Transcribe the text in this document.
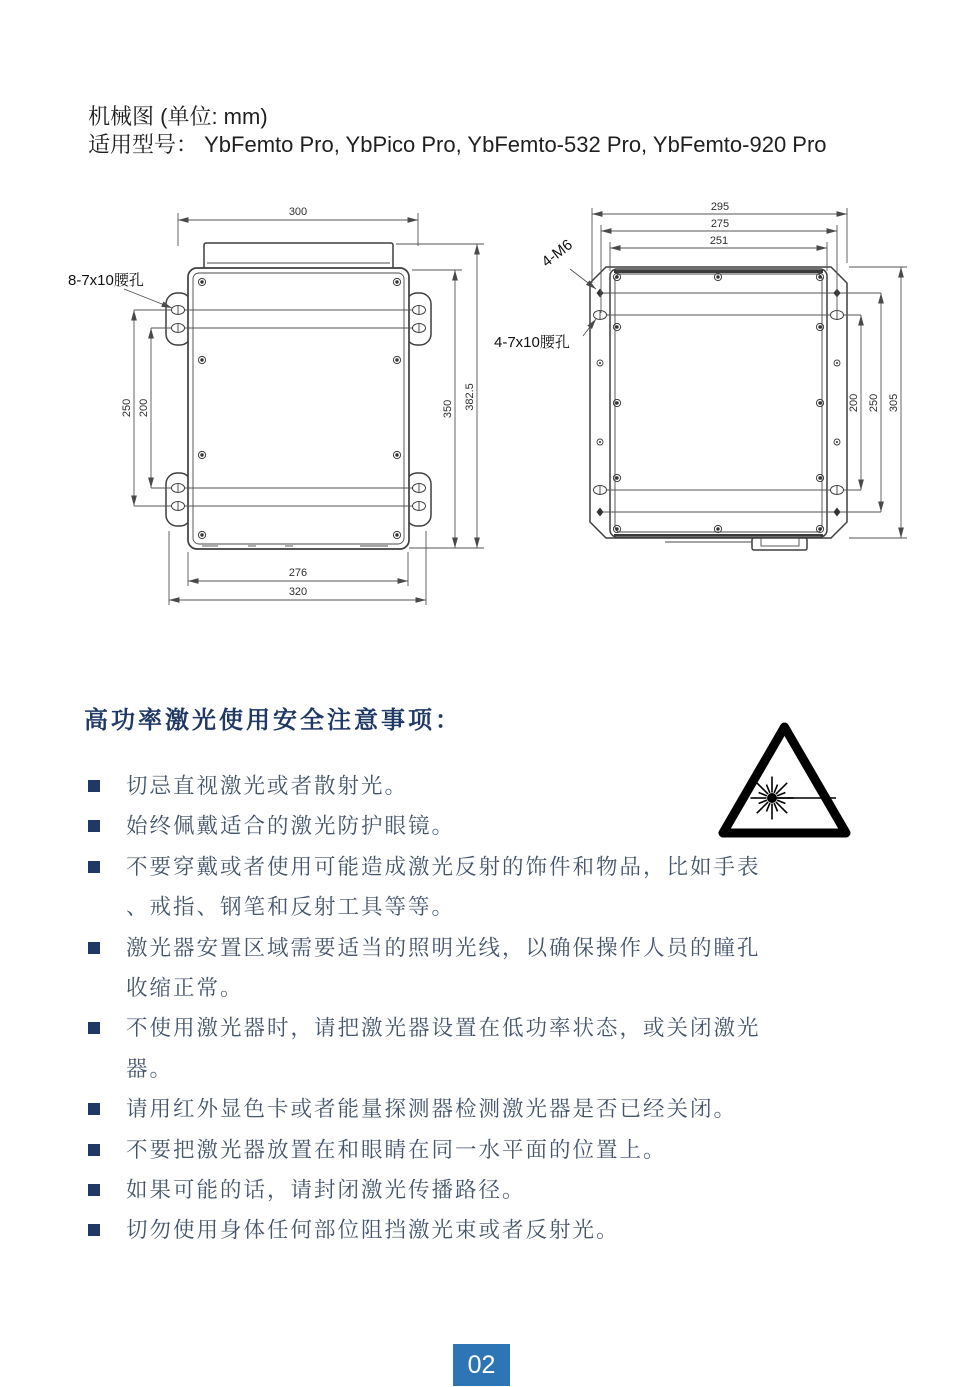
机械图 (单位: mm)
适用型号： YbFemto Pro, YbPico Pro, YbFemto-532 Pro, YbFemto-920 Pro
300
250 200	350 382.5
276
320
8-7x10腰孔
295
275
251
200 250 305
4-M6
4-7x10腰孔
高功率激光使用安全注意事项：
切忌直视激光或者散射光。
始终佩戴适合的激光防护眼镜。
不要穿戴或者使用可能造成激光反射的饰件和物品，比如手表
、戒指、钢笔和反射工具等等。
激光器安置区域需要适当的照明光线，以确保操作人员的瞳孔
收缩正常。
不使用激光器时，请把激光器设置在低功率状态，或关闭激光
器。
请用红外显色卡或者能量探测器检测激光器是否已经关闭。
不要把激光器放置在和眼睛在同一水平面的位置上。
如果可能的话，请封闭激光传播路径。
切勿使用身体任何部位阻挡激光束或者反射光。
02
